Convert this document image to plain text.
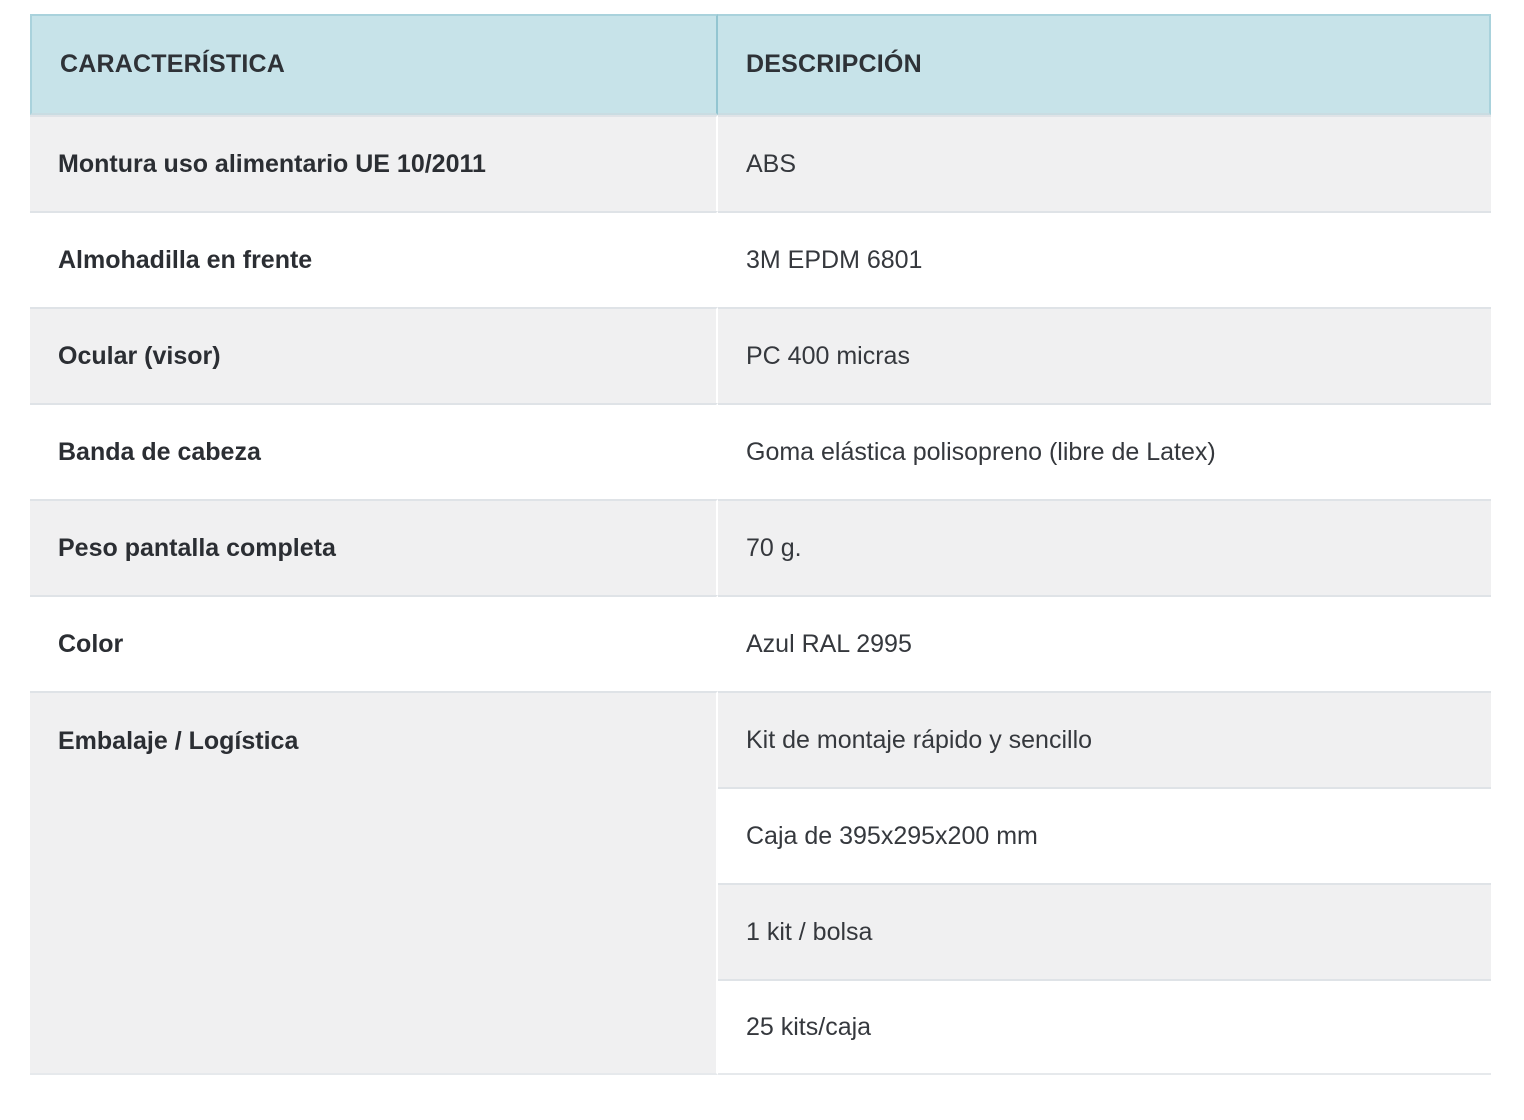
CARACTERÍSTICA	DESCRIPCIÓN
Montura uso alimentario UE 10/2011	ABS
Almohadilla en frente	3M EPDM 6801
Ocular (visor)	PC 400 micras
Banda de cabeza	Goma elástica polisopreno (libre de Latex)
Peso pantalla completa	70 g.
Color	Azul RAL 2995
Embalaje / Logística	Kit de montaje rápido y sencillo
	Caja de 395x295x200 mm
	1 kit / bolsa
	25 kits/caja
